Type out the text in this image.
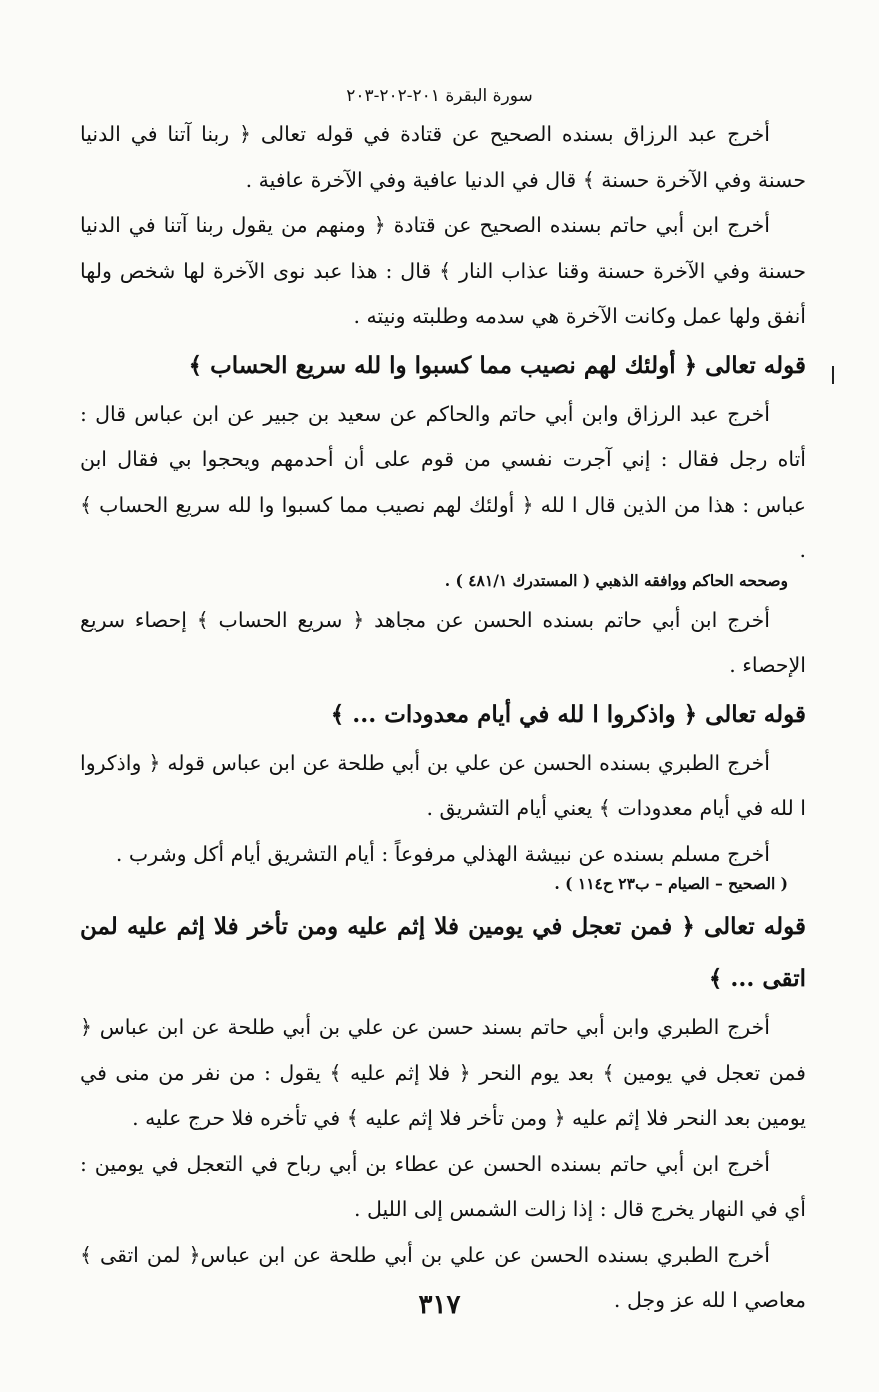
سورة البقرة ٢٠١-٢٠٢-٢٠٣

أخرج عبد الرزاق بسنده الصحيح عن قتادة في قوله تعالى ﴿ ربنا آتنا في الدنيا حسنة وفي الآخرة حسنة ﴾ قال في الدنيا عافية وفي الآخرة عافية .

أخرج ابن أبي حاتم بسنده الصحيح عن قتادة ﴿ ومنهم من يقول ربنا آتنا في الدنيا حسنة وفي الآخرة حسنة وقنا عذاب النار ﴾ قال : هذا عبد نوى الآخرة لها شخص ولها أنفق ولها عمل وكانت الآخرة هي سدمه وطلبته ونيته .

قوله تعالى ﴿ أولئك لهم نصيب مما كسبوا وا لله سريع الحساب ﴾

أخرج عبد الرزاق وابن أبي حاتم والحاكم عن سعيد بن جبير عن ابن عباس قال : أتاه رجل فقال : إني آجرت نفسي من قوم على أن أحدمهم ويحجوا بي فقال ابن عباس : هذا من الذين قال ا لله ﴿ أولئك لهم نصيب مما كسبوا وا لله سريع الحساب ﴾ .

وصححه الحاكم ووافقه الذهبي ( المستدرك ٤٨١/١ ) .

أخرج ابن أبي حاتم بسنده الحسن عن مجاهد ﴿ سريع الحساب ﴾ إحصاء سريع الإحصاء .

قوله تعالى ﴿ واذكروا ا لله في أيام معدودات ... ﴾

أخرج الطبري بسنده الحسن عن علي بن أبي طلحة عن ابن عباس قوله ﴿ واذكروا ا لله في أيام معدودات ﴾ يعني أيام التشريق .

أخرج مسلم بسنده عن نبيشة الهذلي مرفوعاً : أيام التشريق أيام أكل وشرب .

( الصحيح – الصيام – ب٢٣ ح١١٤ ) .

قوله تعالى ﴿ فمن تعجل في يومين فلا إثم عليه ومن تأخر فلا إثم عليه لمن اتقى ... ﴾

أخرج الطبري وابن أبي حاتم بسند حسن عن علي بن أبي طلحة عن ابن عباس ﴿ فمن تعجل في يومين ﴾ بعد يوم النحر ﴿ فلا إثم عليه ﴾ يقول : من نفر من منى في يومين بعد النحر فلا إثم عليه ﴿ ومن تأخر فلا إثم عليه ﴾ في تأخره فلا حرج عليه .

أخرج ابن أبي حاتم بسنده الحسن عن عطاء بن أبي رباح في التعجل في يومين : أي في النهار يخرج قال : إذا زالت الشمس إلى الليل .

أخرج الطبري بسنده الحسن عن علي بن أبي طلحة عن ابن عباس﴿ لمن اتقى ﴾ معاصي ا لله عز وجل .

٣١٧
